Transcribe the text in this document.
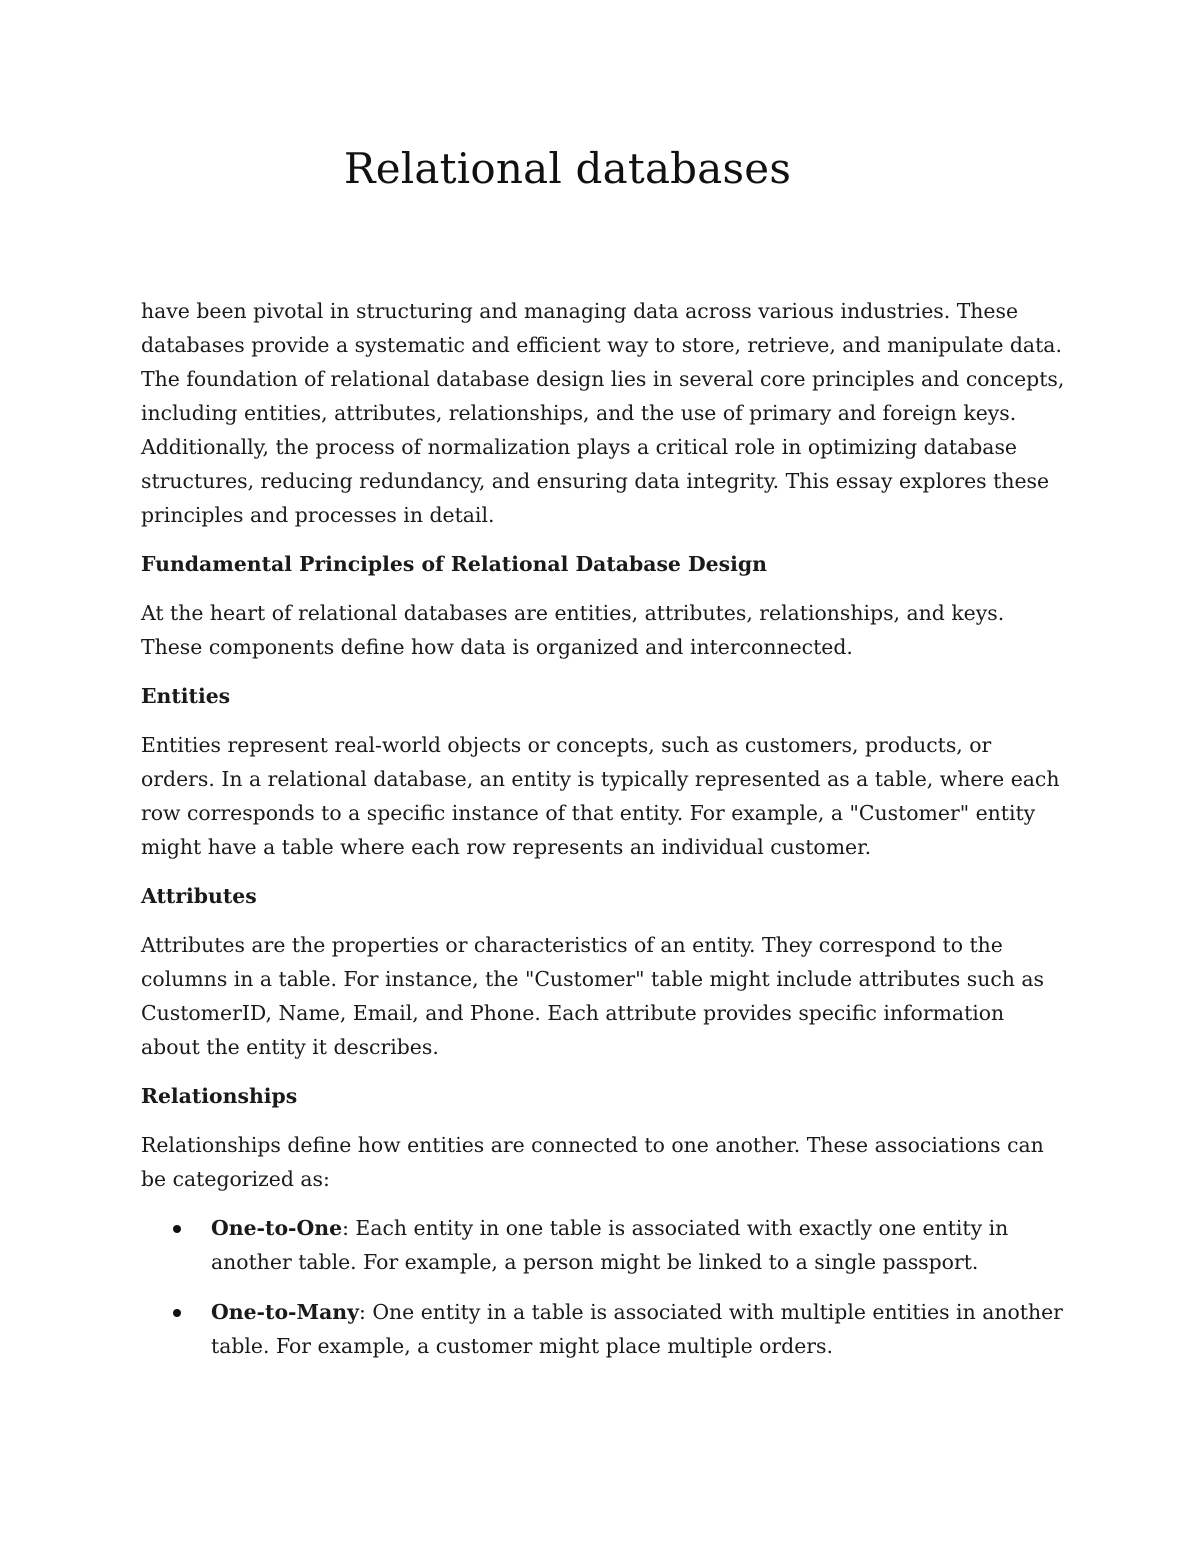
Relational databases

have been pivotal in structuring and managing data across various industries. These databases provide a systematic and efficient way to store, retrieve, and manipulate data. The foundation of relational database design lies in several core principles and concepts, including entities, attributes, relationships, and the use of primary and foreign keys. Additionally, the process of normalization plays a critical role in optimizing database structures, reducing redundancy, and ensuring data integrity. This essay explores these principles and processes in detail.

Fundamental Principles of Relational Database Design

At the heart of relational databases are entities, attributes, relationships, and keys. These components define how data is organized and interconnected.

Entities

Entities represent real-world objects or concepts, such as customers, products, or orders. In a relational database, an entity is typically represented as a table, where each row corresponds to a specific instance of that entity. For example, a "Customer" entity might have a table where each row represents an individual customer.

Attributes

Attributes are the properties or characteristics of an entity. They correspond to the columns in a table. For instance, the "Customer" table might include attributes such as CustomerID, Name, Email, and Phone. Each attribute provides specific information about the entity it describes.

Relationships

Relationships define how entities are connected to one another. These associations can be categorized as:

One-to-One: Each entity in one table is associated with exactly one entity in another table. For example, a person might be linked to a single passport.
One-to-Many: One entity in a table is associated with multiple entities in another table. For example, a customer might place multiple orders.
